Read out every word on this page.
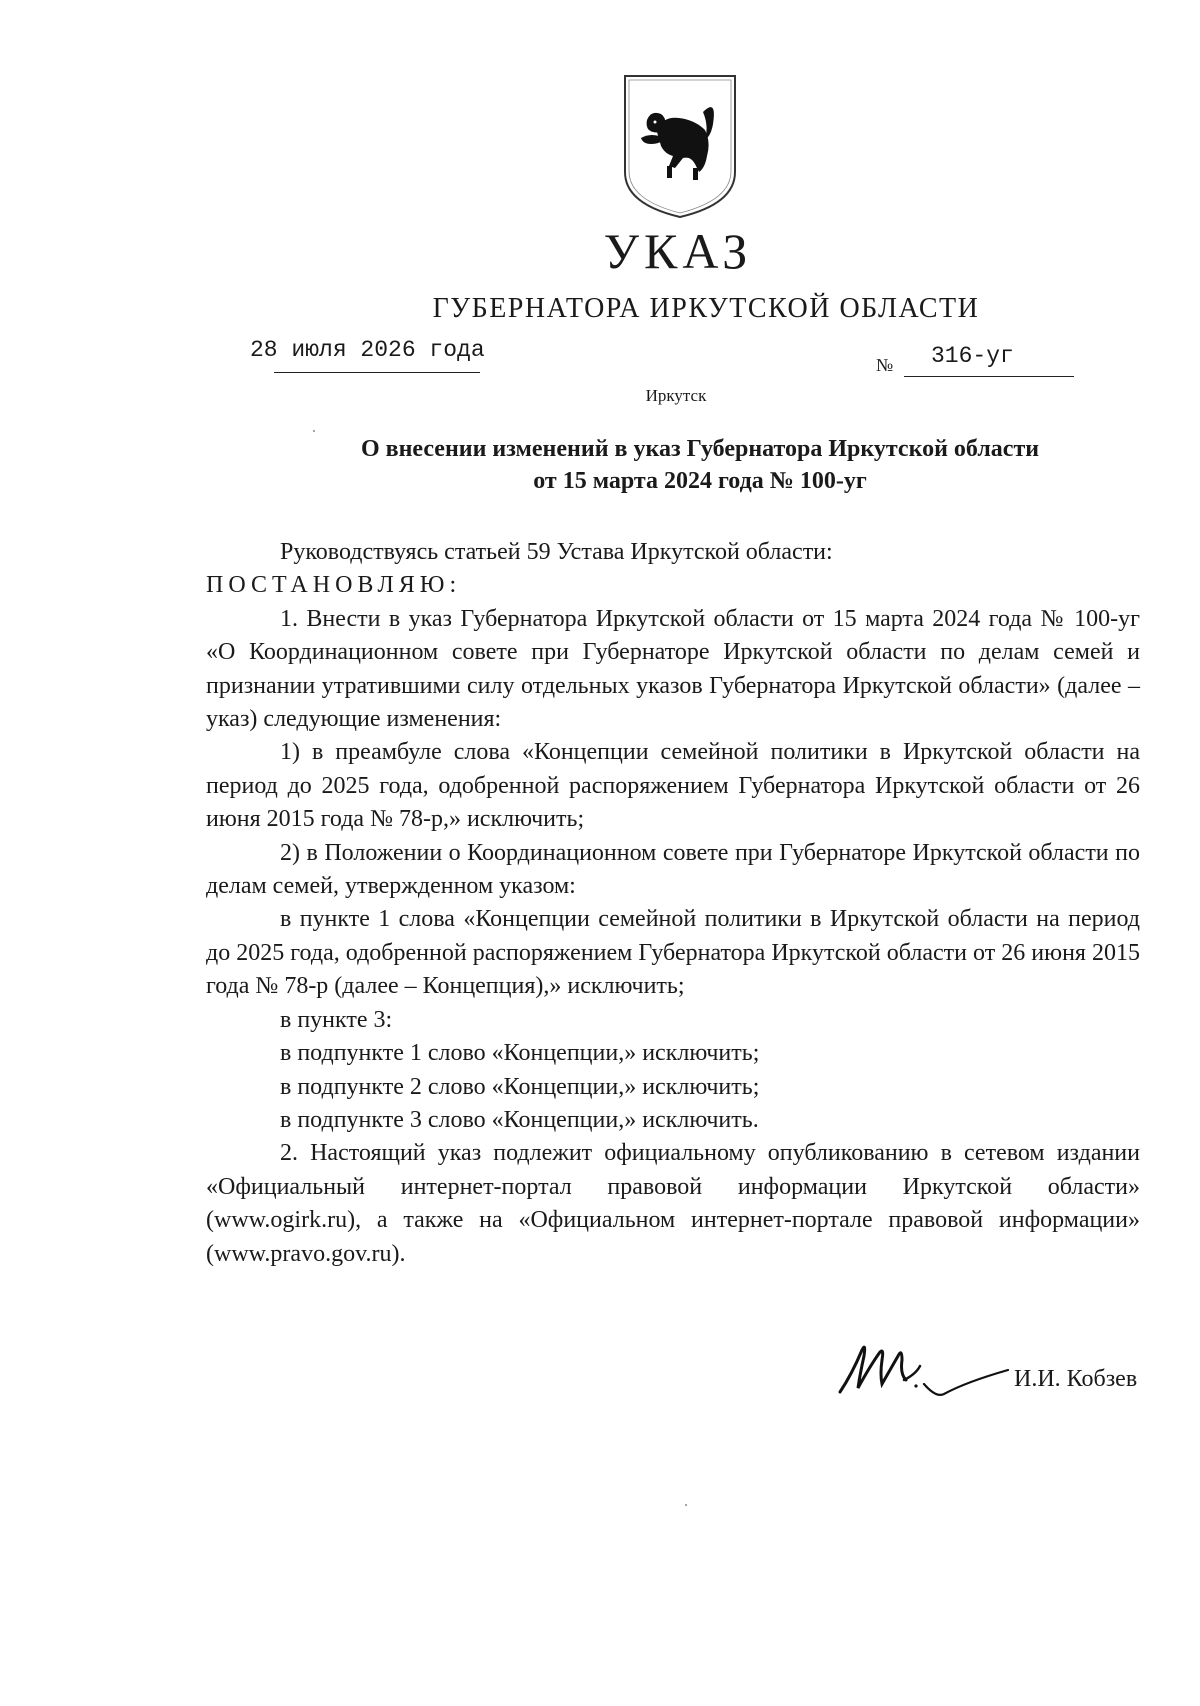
УКАЗ
ГУБЕРНАТОРА ИРКУТСКОЙ ОБЛАСТИ
28 июля 2026 года
№ 316-уг
Иркутск
О внесении изменений в указ Губернатора Иркутской области
от 15 марта 2024 года № 100-уг

Руководствуясь статьей 59 Устава Иркутской области:

ПОСТАНОВЛЯЮ:

1. Внести в указ Губернатора Иркутской области от 15 марта 2024 года № 100-уг «О Координационном совете при Губернаторе Иркутской области по делам семей и признании утратившими силу отдельных указов Губернатора Иркутской области» (далее – указ) следующие изменения:

1) в преамбуле слова «Концепции семейной политики в Иркутской области на период до 2025 года, одобренной распоряжением Губернатора Иркутской области от 26 июня 2015 года № 78-р,» исключить;

2) в Положении о Координационном совете при Губернаторе Иркутской области по делам семей, утвержденном указом:

в пункте 1 слова «Концепции семейной политики в Иркутской области на период до 2025 года, одобренной распоряжением Губернатора Иркутской области от 26 июня 2015 года № 78-р (далее – Концепция),» исключить;

в пункте 3:

в подпункте 1 слово «Концепции,» исключить;

в подпункте 2 слово «Концепции,» исключить;

в подпункте 3 слово «Концепции,» исключить.

2. Настоящий указ подлежит официальному опубликованию в сетевом издании «Официальный интернет-портал правовой информации Иркутской области» (www.ogirk.ru), а также на «Официальном интернет-портале правовой информации» (www.pravo.gov.ru).

И.И. Кобзев
